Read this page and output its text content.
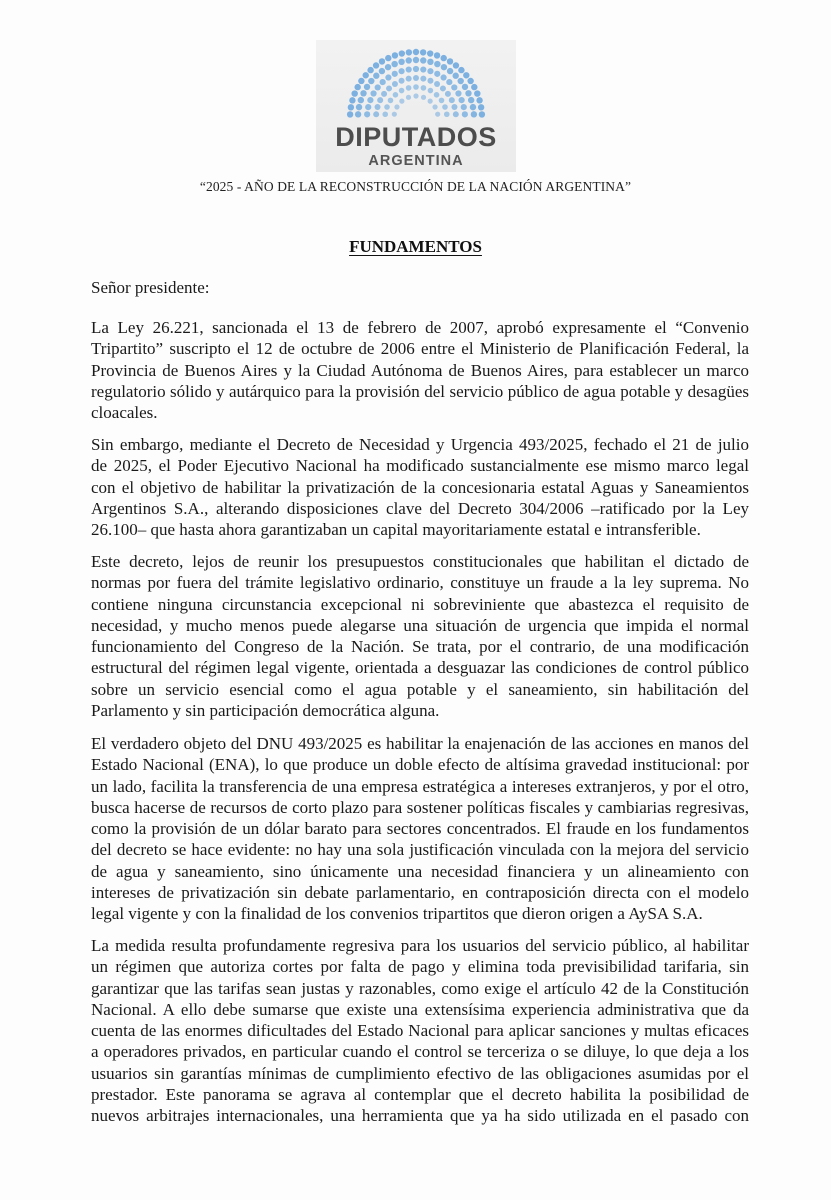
DIPUTADOS
ARGENTINA
“2025 - AÑO DE LA RECONSTRUCCIÓN DE LA NACIÓN ARGENTINA”
FUNDAMENTOS
Señor presidente:
La Ley 26.221, sancionada el 13 de febrero de 2007, aprobó expresamente el “Convenio
Tripartito” suscripto el 12 de octubre de 2006 entre el Ministerio de Planificación Federal, la
Provincia de Buenos Aires y la Ciudad Autónoma de Buenos Aires, para establecer un marco
regulatorio sólido y autárquico para la provisión del servicio público de agua potable y desagües
cloacales.
Sin embargo, mediante el Decreto de Necesidad y Urgencia 493/2025, fechado el 21 de julio
de 2025, el Poder Ejecutivo Nacional ha modificado sustancialmente ese mismo marco legal
con el objetivo de habilitar la privatización de la concesionaria estatal Aguas y Saneamientos
Argentinos S.A., alterando disposiciones clave del Decreto 304/2006 –ratificado por la Ley
26.100– que hasta ahora garantizaban un capital mayoritariamente estatal e intransferible.
Este decreto, lejos de reunir los presupuestos constitucionales que habilitan el dictado de
normas por fuera del trámite legislativo ordinario, constituye un fraude a la ley suprema. No
contiene ninguna circunstancia excepcional ni sobreviniente que abastezca el requisito de
necesidad, y mucho menos puede alegarse una situación de urgencia que impida el normal
funcionamiento del Congreso de la Nación. Se trata, por el contrario, de una modificación
estructural del régimen legal vigente, orientada a desguazar las condiciones de control público
sobre un servicio esencial como el agua potable y el saneamiento, sin habilitación del
Parlamento y sin participación democrática alguna.
El verdadero objeto del DNU 493/2025 es habilitar la enajenación de las acciones en manos del
Estado Nacional (ENA), lo que produce un doble efecto de altísima gravedad institucional: por
un lado, facilita la transferencia de una empresa estratégica a intereses extranjeros, y por el otro,
busca hacerse de recursos de corto plazo para sostener políticas fiscales y cambiarias regresivas,
como la provisión de un dólar barato para sectores concentrados. El fraude en los fundamentos
del decreto se hace evidente: no hay una sola justificación vinculada con la mejora del servicio
de agua y saneamiento, sino únicamente una necesidad financiera y un alineamiento con
intereses de privatización sin debate parlamentario, en contraposición directa con el modelo
legal vigente y con la finalidad de los convenios tripartitos que dieron origen a AySA S.A.
La medida resulta profundamente regresiva para los usuarios del servicio público, al habilitar
un régimen que autoriza cortes por falta de pago y elimina toda previsibilidad tarifaria, sin
garantizar que las tarifas sean justas y razonables, como exige el artículo 42 de la Constitución
Nacional. A ello debe sumarse que existe una extensísima experiencia administrativa que da
cuenta de las enormes dificultades del Estado Nacional para aplicar sanciones y multas eficaces
a operadores privados, en particular cuando el control se terceriza o se diluye, lo que deja a los
usuarios sin garantías mínimas de cumplimiento efectivo de las obligaciones asumidas por el
prestador. Este panorama se agrava al contemplar que el decreto habilita la posibilidad de
nuevos arbitrajes internacionales, una herramienta que ya ha sido utilizada en el pasado con
